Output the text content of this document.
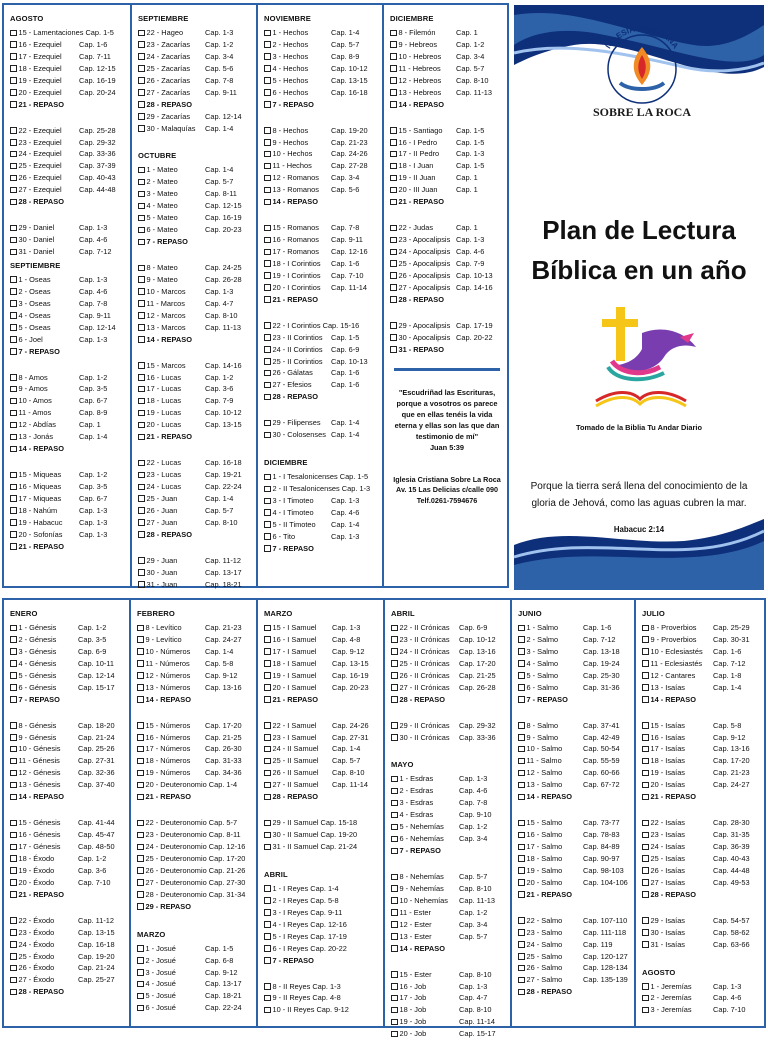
AGOSTO
15 - Lamentaciones Cap. 1-5
16 - Ezequiel	Cap. 1-6
17 - Ezequiel	Cap. 7-11
18 - Ezequiel	Cap. 12-15
19 - Ezequiel	Cap. 16-19
20 - Ezequiel	Cap. 20-24
21 - REPASO
22 - Ezequiel	Cap. 25-28
23 - Ezequiel	Cap. 29-32
24 - Ezequiel	Cap. 33-36
25 - Ezequiel	Cap. 37-39
26 - Ezequiel	Cap. 40-43
27 - Ezequiel	Cap. 44-48
28 - REPASO
29 - Daniel	Cap. 1-3
30 - Daniel	Cap. 4-6
31 - Daniel	Cap. 7-12
SEPTIEMBRE
1 - Oseas	Cap. 1-3
2 - Oseas	Cap. 4-6
3 - Oseas	Cap. 7-8
4 - Oseas	Cap. 9-11
5 - Oseas	Cap. 12-14
6 - Joel	Cap. 1-3
7 - REPASO
8 - Amos	Cap. 1-2
9 - Amos	Cap. 3-5
10 - Amos	Cap. 6-7
11 - Amos	Cap. 8-9
12 - Abdías	Cap. 1
13 - Jonás	Cap. 1-4
14 - REPASO
15 - Miqueas	Cap. 1-2
16 - Miqueas	Cap. 3-5
17 - Miqueas	Cap. 6-7
18 - Nahúm	Cap. 1-3
19 - Habacuc	Cap. 1-3
20 - Sofonías	Cap. 1-3
21 - REPASO
SEPTIEMBRE
22 - Hageo	Cap. 1-3
23 - Zacarías	Cap. 1-2
24 - Zacarías	Cap. 3-4
25 - Zacarías	Cap. 5-6
26 - Zacarías	Cap. 7-8
27 - Zacarías	Cap. 9-11
28 - REPASO
29 - Zacarías	Cap. 12-14
30 - Malaquías	Cap. 1-4
OCTUBRE
1 - Mateo	Cap. 1-4
2 - Mateo	Cap. 5-7
3 - Mateo	Cap. 8-11
4 - Mateo	Cap. 12-15
5 - Mateo	Cap. 16-19
6 - Mateo	Cap. 20-23
7 - REPASO
8 - Mateo	Cap. 24-25
9 - Mateo	Cap. 26-28
10 - Marcos	Cap. 1-3
11 - Marcos	Cap. 4-7
12 - Marcos	Cap. 8-10
13 - Marcos	Cap. 11-13
14 - REPASO
15 - Marcos	Cap. 14-16
16 - Lucas	Cap. 1-2
17 - Lucas	Cap. 3-6
18 - Lucas	Cap. 7-9
19 - Lucas	Cap. 10-12
20 - Lucas	Cap. 13-15
21 - REPASO
22 - Lucas	Cap. 16-18
23 - Lucas	Cap. 19-21
24 - Lucas	Cap. 22-24
25 - Juan	Cap. 1-4
26 - Juan	Cap. 5-7
27 - Juan	Cap. 8-10
28 - REPASO
29 - Juan	Cap. 11-12
30 - Juan	Cap. 13-17
31 - Juan	Cap. 18-21
NOVIEMBRE
1 - Hechos	Cap. 1-4
2 - Hechos	Cap. 5-7
3 - Hechos	Cap. 8-9
4 - Hechos	Cap. 10-12
5 - Hechos	Cap. 13-15
6 - Hechos	Cap. 16-18
7 - REPASO
8 - Hechos	Cap. 19-20
9 - Hechos	Cap. 21-23
10 - Hechos	Cap. 24-26
11 - Hechos	Cap. 27-28
12 - Romanos	Cap. 3-4
13 - Romanos	Cap. 5-6
14 - REPASO
15 - Romanos	Cap. 7-8
16 - Romanos	Cap. 9-11
17 - Romanos	Cap. 12-16
18 - I Corintios	Cap. 1-6
19 - I Corintios	Cap. 7-10
20 - I Corintios	Cap. 11-14
21 - REPASO
22 - I Corintios Cap. 15-16
23 - II Corintios	Cap. 1-5
24 - II Corintios	Cap. 6-9
25 - II Corintios	Cap. 10-13
26 - Gálatas	Cap. 1-6
27 - Efesios	Cap. 1-6
28 - REPASO
29 - Filipenses	Cap. 1-4
30 - Colosenses Cap. 1-4
DICIEMBRE
1 - I Tesalonicenses Cap. 1-5
2 - II Tesalonicenses Cap. 1-3
3 - I Timoteo	Cap. 1-3
4 - I Timoteo	Cap. 4-6
5 - II Timoteo	Cap. 1-4
6 - Tito	Cap. 1-3
7 - REPASO
DICIEMBRE
8 - Filemón	Cap. 1
9 - Hebreos	Cap. 1-2
10 - Hebreos	Cap. 3-4
11 - Hebreos	Cap. 5-7
12 - Hebreos	Cap. 8-10
13 - Hebreos	Cap. 11-13
14 - REPASO
15 - Santiago	Cap. 1-5
16 - I Pedro	Cap. 1-5
17 - II Pedro	Cap. 1-3
18 - I Juan	Cap. 1-5
19 - II Juan	Cap. 1
20 - III Juan	Cap. 1
21 - REPASO
22 - Judas	Cap. 1
23 - Apocalipsis Cap. 1-3
24 - Apocalipsis Cap. 4-6
25 - Apocalipsis Cap. 7-9
26 - Apocalipsis Cap. 10-13
27 - Apocalipsis Cap. 14-16
28 - REPASO
29 - Apocalipsis Cap. 17-19
30 - Apocalipsis Cap. 20-22
31 - REPASO
"Escudriñad las Escrituras, porque a vosotros os parece que en ellas tenéis la vida eterna y ellas son las que dan testimonio de mí"
Juan 5:39
Iglesia Cristiana Sobre La Roca
Av. 15 Las Delicias c/calle 090
Telf.0261-7594676
IGLESIA CRISTIANA
SOBRE LA ROCA
Plan de Lectura
Bíblica en un año
Tomado de la Biblia Tu Andar Diario
Porque la tierra será llena del conocimiento de la gloria de Jehová, como las aguas cubren la mar.
Habacuc 2:14
ENERO
1 - Génesis	Cap. 1-2
2 - Génesis	Cap. 3-5
3 - Génesis	Cap. 6-9
4 - Génesis	Cap. 10-11
5 - Génesis	Cap. 12-14
6 - Génesis	Cap. 15-17
7 - REPASO
8 - Génesis	Cap. 18-20
9 - Génesis	Cap. 21-24
10 - Génesis	Cap. 25-26
11 - Génesis	Cap. 27-31
12 - Génesis	Cap. 32-36
13 - Génesis	Cap. 37-40
14 - REPASO
15 - Génesis	Cap. 41-44
16 - Génesis	Cap. 45-47
17 - Génesis	Cap. 48-50
18 - Éxodo	Cap. 1-2
19 - Éxodo	Cap. 3-6
20 - Éxodo	Cap. 7-10
21 - REPASO
22 - Éxodo	Cap. 11-12
23 - Éxodo	Cap. 13-15
24 - Éxodo	Cap. 16-18
25 - Éxodo	Cap. 19-20
26 - Éxodo	Cap. 21-24
27 - Éxodo	Cap. 25-27
28 - REPASO
FEBRERO
8 - Levítico	Cap. 21-23
9 - Levítico	Cap. 24-27
10 - Números	Cap. 1-4
11 - Números	Cap. 5-8
12 - Números	Cap. 9-12
13 - Números	Cap. 13-16
14 - REPASO
15 - Números	Cap. 17-20
16 - Números	Cap. 21-25
17 - Números	Cap. 26-30
18 - Números	Cap. 31-33
19 - Números	Cap. 34-36
20 - Deuteronomio Cap. 1-4
21 - REPASO
22 - Deuteronomio Cap. 5-7
23 - Deuteronomio Cap. 8-11
24 - Deuteronomio Cap. 12-16
25 - Deuteronomio Cap. 17-20
26 - Deuteronomio Cap. 21-26
27 - Deuteronomio Cap. 27-30
28 - Deuteronomio Cap. 31-34
29 - REPASO
MARZO
1 - Josué	Cap. 1-5
2 - Josué	Cap. 6-8
3 - Josué	Cap. 9-12
4 - Josué	Cap. 13-17
5 - Josué	Cap. 18-21
6 - Josué	Cap. 22-24
MARZO
15 - I Samuel	Cap. 1-3
16 - I Samuel	Cap. 4-8
17 - I Samuel	Cap. 9-12
18 - I Samuel	Cap. 13-15
19 - I Samuel	Cap. 16-19
20 - I Samuel	Cap. 20-23
21 - REPASO
22 - I Samuel	Cap. 24-26
23 - I Samuel	Cap. 27-31
24 - II Samuel	Cap. 1-4
25 - II Samuel	Cap. 5-7
26 - II Samuel	Cap. 8-10
27 - II Samuel	Cap. 11-14
28 - REPASO
29 - II Samuel Cap. 15-18
30 - II Samuel Cap. 19-20
31 - II Samuel Cap. 21-24
ABRIL
1 - I Reyes Cap. 1-4
2 - I Reyes Cap. 5-8
3 - I Reyes Cap. 9-11
4 - I Reyes Cap. 12-16
5 - I Reyes Cap. 17-19
6 - I Reyes Cap. 20-22
7 - REPASO
8 - II Reyes Cap. 1-3
9 - II Reyes Cap. 4-8
10 - II Reyes Cap. 9-12
ABRIL
22 - II Crónicas	Cap. 6-9
23 - II Crónicas	Cap. 10-12
24 - II Crónicas	Cap. 13-16
25 - II Crónicas	Cap. 17-20
26 - II Crónicas	Cap. 21-25
27 - II Crónicas	Cap. 26-28
28 - REPASO
29 - II Crónicas	Cap. 29-32
30 - II Crónicas	Cap. 33-36
MAYO
1 - Esdras	Cap. 1-3
2 - Esdras	Cap. 4-6
3 - Esdras	Cap. 7-8
4 - Esdras	Cap. 9-10
5 - Nehemías	Cap. 1-2
6 - Nehemías	Cap. 3-4
7 - REPASO
8 - Nehemías	Cap. 5-7
9 - Nehemías	Cap. 8-10
10 - Nehemías	Cap. 11-13
11 - Ester	Cap. 1-2
12 - Ester	Cap. 3-4
13 - Ester	Cap. 5-7
14 - REPASO
15 - Ester	Cap. 8-10
16 - Job	Cap. 1-3
17 - Job	Cap. 4-7
18 - Job	Cap. 8-10
19 - Job	Cap. 11-14
20 - Job	Cap. 15-17
JUNIO
1 - Salmo	Cap. 1-6
2 - Salmo	Cap. 7-12
3 - Salmo	Cap. 13-18
4 - Salmo	Cap. 19-24
5 - Salmo	Cap. 25-30
6 - Salmo	Cap. 31-36
7 - REPASO
8 - Salmo	Cap. 37-41
9 - Salmo	Cap. 42-49
10 - Salmo	Cap. 50-54
11 - Salmo	Cap. 55-59
12 - Salmo	Cap. 60-66
13 - Salmo	Cap. 67-72
14 - REPASO
15 - Salmo	Cap. 73-77
16 - Salmo	Cap. 78-83
17 - Salmo	Cap. 84-89
18 - Salmo	Cap. 90-97
19 - Salmo	Cap. 98-103
20 - Salmo	Cap. 104-106
21 - REPASO
22 - Salmo	Cap. 107-110
23 - Salmo	Cap. 111-118
24 - Salmo	Cap. 119
25 - Salmo	Cap. 120-127
26 - Salmo	Cap. 128-134
27 - Salmo	Cap. 135-139
28 - REPASO
JULIO
8 - Proverbios	Cap. 25-29
9 - Proverbios	Cap. 30-31
10 - Eclesiastés	Cap. 1-6
11 - Eclesiastés	Cap. 7-12
12 - Cantares	Cap. 1-8
13 - Isaías	Cap. 1-4
14 - REPASO
15 - Isaías	Cap. 5-8
16 - Isaías	Cap. 9-12
17 - Isaías	Cap. 13-16
18 - Isaías	Cap. 17-20
19 - Isaías	Cap. 21-23
20 - Isaías	Cap. 24-27
21 - REPASO
22 - Isaías	Cap. 28-30
23 - Isaías	Cap. 31-35
24 - Isaías	Cap. 36-39
25 - Isaías	Cap. 40-43
26 - Isaías	Cap. 44-48
27 - Isaías	Cap. 49-53
28 - REPASO
29 - Isaías	Cap. 54-57
30 - Isaías	Cap. 58-62
31 - Isaías	Cap. 63-66
AGOSTO
1 - Jeremías	Cap. 1-3
2 - Jeremías	Cap. 4-6
3 - Jeremías	Cap. 7-10
